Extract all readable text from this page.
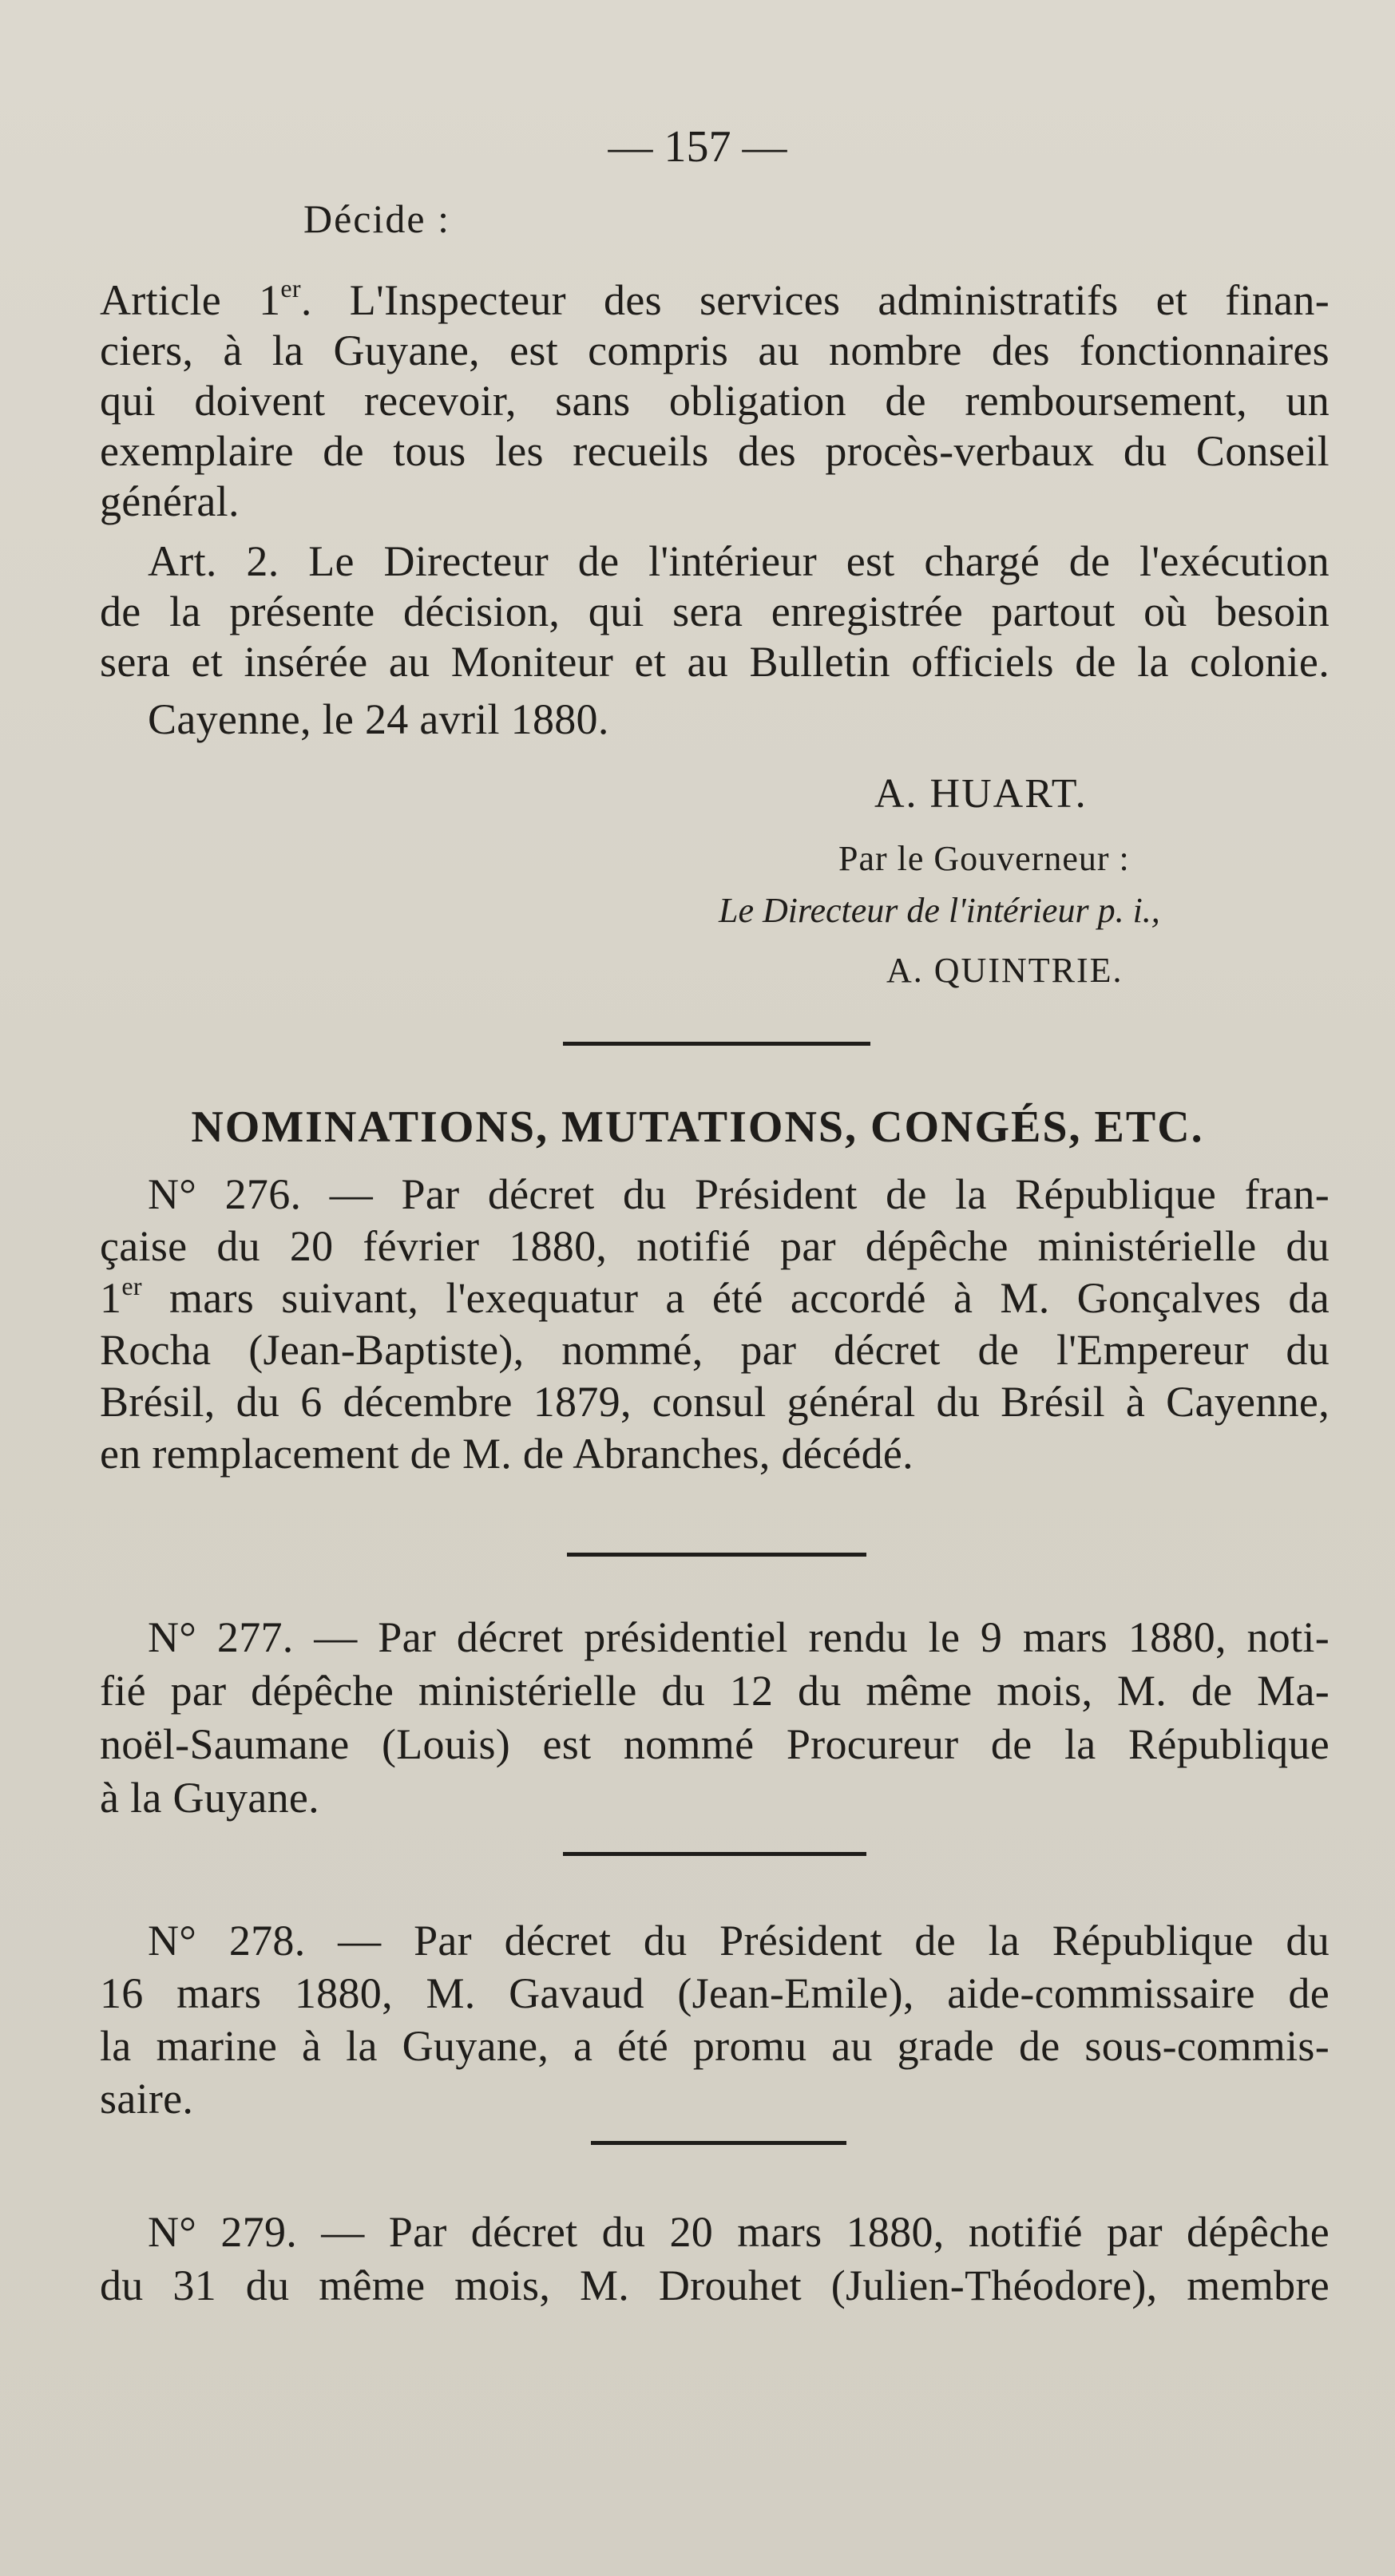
— 157 —
Décide :
Article 1er. L'Inspecteur des services administratifs et finan-
ciers, à la Guyane, est compris au nombre des fonctionnaires
qui doivent recevoir, sans obligation de remboursement, un
exemplaire de tous les recueils des procès-verbaux du Conseil
général.
Art. 2. Le Directeur de l'intérieur est chargé de l'exécution
de la présente décision, qui sera enregistrée partout où besoin
sera et insérée au Moniteur et au Bulletin officiels de la colonie.
Cayenne, le 24 avril 1880.
A. HUART.
Par le Gouverneur :
Le Directeur de l'intérieur p. i.,
A. QUINTRIE.
NOMINATIONS, MUTATIONS, CONGÉS, ETC.
N° 276. — Par décret du Président de la République fran-
çaise du 20 février 1880, notifié par dépêche ministérielle du
1er mars suivant, l'exequatur a été accordé à M. Gonçalves da
Rocha (Jean-Baptiste), nommé, par décret de l'Empereur du
Brésil, du 6 décembre 1879, consul général du Brésil à Cayenne,
en remplacement de M. de Abranches, décédé.
N° 277. — Par décret présidentiel rendu le 9 mars 1880, noti-
fié par dépêche ministérielle du 12 du même mois, M. de Ma-
noël-Saumane (Louis) est nommé Procureur de la République
à la Guyane.
N° 278. — Par décret du Président de la République du
16 mars 1880, M. Gavaud (Jean-Emile), aide-commissaire de
la marine à la Guyane, a été promu au grade de sous-commis-
saire.
N° 279. — Par décret du 20 mars 1880, notifié par dépêche
du 31 du même mois, M. Drouhet (Julien-Théodore), membre
